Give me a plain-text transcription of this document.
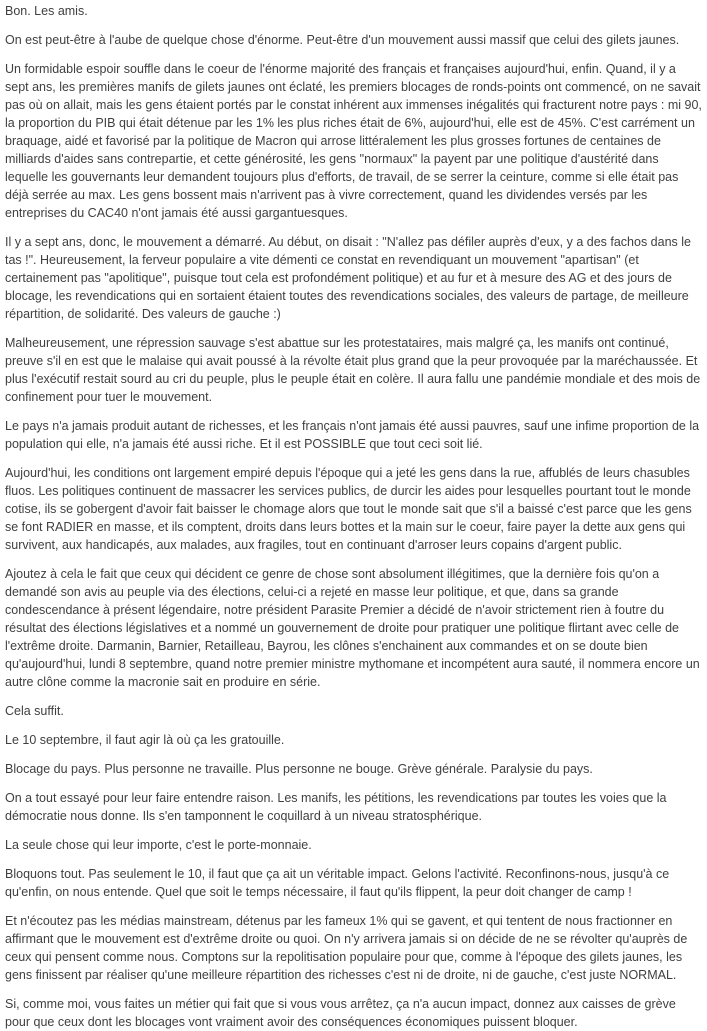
Bon. Les amis.

On est peut-être à l'aube de quelque chose d'énorme. Peut-être d'un mouvement aussi massif que celui des gilets jaunes.

Un formidable espoir souffle dans le coeur de l'énorme majorité des français et françaises aujourd'hui, enfin. Quand, il y a sept ans, les premières manifs de gilets jaunes ont éclaté, les premiers blocages de ronds-points ont commencé, on ne savait pas où on allait, mais les gens étaient portés par le constat inhérent aux immenses inégalités qui fracturent notre pays : mi 90, la proportion du PIB qui était détenue par les 1% les plus riches était de 6%, aujourd'hui, elle est de 45%. C'est carrément un braquage, aidé et favorisé par la politique de Macron qui arrose littéralement les plus grosses fortunes de centaines de milliards d'aides sans contrepartie, et cette générosité, les gens "normaux" la payent par une politique d'austérité dans lequelle les gouvernants leur demandent toujours plus d'efforts, de travail, de se serrer la ceinture, comme si elle était pas déjà serrée au max. Les gens bossent mais n'arrivent pas à vivre correctement, quand les dividendes versés par les entreprises du CAC40 n'ont jamais été aussi gargantuesques.

Il y a sept ans, donc, le mouvement a démarré. Au début, on disait : "N'allez pas défiler auprès d'eux, y a des fachos dans le tas !". Heureusement, la ferveur populaire a vite démenti ce constat en revendiquant un mouvement "apartisan" (et certainement pas "apolitique", puisque tout cela est profondément politique) et au fur et à mesure des AG et des jours de blocage, les revendications qui en sortaient étaient toutes des revendications sociales, des valeurs de partage, de meilleure répartition, de solidarité. Des valeurs de gauche :)

Malheureusement, une répression sauvage s'est abattue sur les protestataires, mais malgré ça, les manifs ont continué, preuve s'il en est que le malaise qui avait poussé à la révolte était plus grand que la peur provoquée par la maréchaussée. Et plus l'exécutif restait sourd au cri du peuple, plus le peuple était en colère. Il aura fallu une pandémie mondiale et des mois de confinement pour tuer le mouvement.

Le pays n'a jamais produit autant de richesses, et les français n'ont jamais été aussi pauvres, sauf une infime proportion de la population qui elle, n'a jamais été aussi riche. Et il est POSSIBLE que tout ceci soit lié.

Aujourd'hui, les conditions ont largement empiré depuis l'époque qui a jeté les gens dans la rue, affublés de leurs chasubles fluos. Les politiques continuent de massacrer les services publics, de durcir les aides pour lesquelles pourtant tout le monde cotise, ils se gobergent d'avoir fait baisser le chomage alors que tout le monde sait que s'il a baissé c'est parce que les gens se font RADIER en masse, et ils comptent, droits dans leurs bottes et la main sur le coeur, faire payer la dette aux gens qui survivent, aux handicapés, aux malades, aux fragiles, tout en continuant d'arroser leurs copains d'argent public.

Ajoutez à cela le fait que ceux qui décident ce genre de chose sont absolument illégitimes, que la dernière fois qu'on a demandé son avis au peuple via des élections, celui-ci a rejeté en masse leur politique, et que, dans sa grande condescendance à présent légendaire, notre président Parasite Premier a décidé de n'avoir strictement rien à foutre du résultat des élections législatives et a nommé un gouvernement de droite pour pratiquer une politique flirtant avec celle de l'extrême droite. Darmanin, Barnier, Retailleau, Bayrou, les clônes s'enchainent aux commandes et on se doute bien qu'aujourd'hui, lundi 8 septembre, quand notre premier ministre mythomane et incompétent aura sauté, il nommera encore un autre clône comme la macronie sait en produire en série.

Cela suffit.

Le 10 septembre, il faut agir là où ça les gratouille.

Blocage du pays. Plus personne ne travaille. Plus personne ne bouge. Grève générale. Paralysie du pays.

On a tout essayé pour leur faire entendre raison. Les manifs, les pétitions, les revendications par toutes les voies que la démocratie nous donne. Ils s'en tamponnent le coquillard à un niveau stratosphérique.

La seule chose qui leur importe, c'est le porte-monnaie.

Bloquons tout. Pas seulement le 10, il faut que ça ait un véritable impact. Gelons l'activité. Reconfinons-nous, jusqu'à ce qu'enfin, on nous entende. Quel que soit le temps nécessaire, il faut qu'ils flippent, la peur doit changer de camp !

Et n'écoutez pas les médias mainstream, détenus par les fameux 1% qui se gavent, et qui tentent de nous fractionner en affirmant que le mouvement est d'extrême droite ou quoi. On n'y arrivera jamais si on décide de ne se révolter qu'auprès de ceux qui pensent comme nous. Comptons sur la repolitisation populaire pour que, comme à l'époque des gilets jaunes, les gens finissent par réaliser qu'une meilleure répartition des richesses c'est ni de droite, ni de gauche, c'est juste NORMAL.

Si, comme moi, vous faites un métier qui fait que si vous vous arrêtez, ça n'a aucun impact, donnez aux caisses de grève pour que ceux dont les blocages vont vraiment avoir des conséquences économiques puissent bloquer.
